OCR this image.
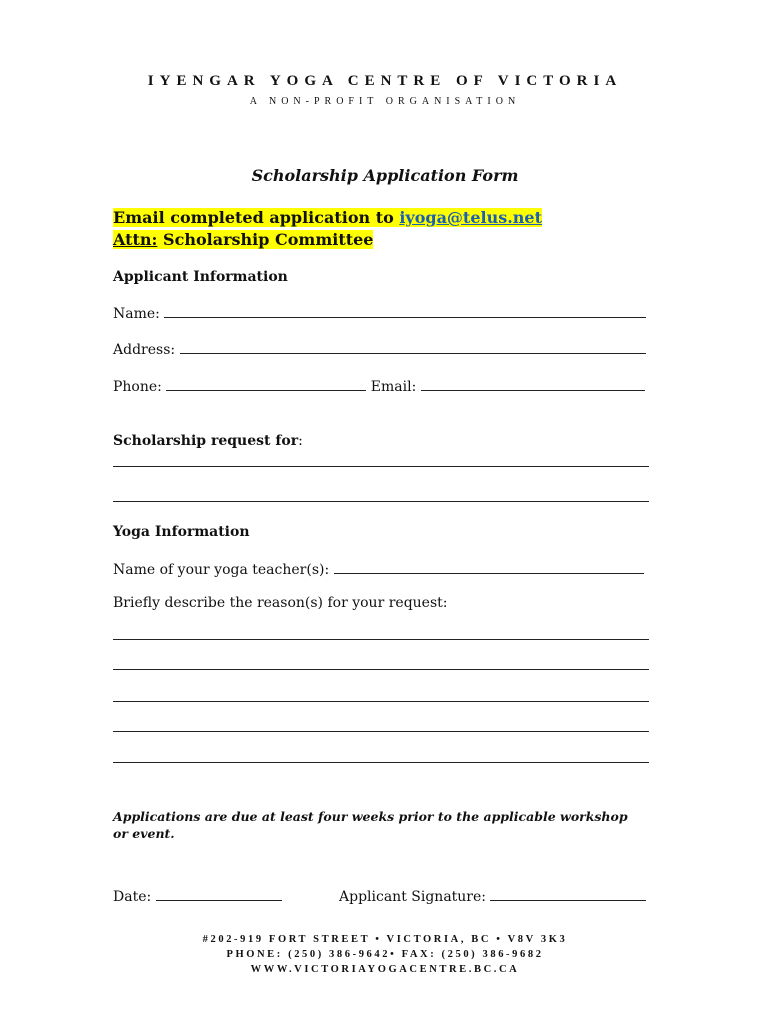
IYENGAR YOGA CENTRE OF VICTORIA
A NON-PROFIT ORGANISATION
Scholarship Application Form
Email completed application to iyoga@telus.net
Attn: Scholarship Committee
Applicant Information
Name:
Address:
Phone:	Email:
Scholarship request for:
Yoga Information
Name of your yoga teacher(s):
Briefly describe the reason(s) for your request:
Applications are due at least four weeks prior to the applicable workshop or event.
Date:	Applicant Signature:
#202-919 FORT STREET • VICTORIA, BC • V8V 3K3
PHONE: (250) 386-9642• FAX: (250) 386-9682
WWW.VICTORIAYOGACENTRE.BC.CA
